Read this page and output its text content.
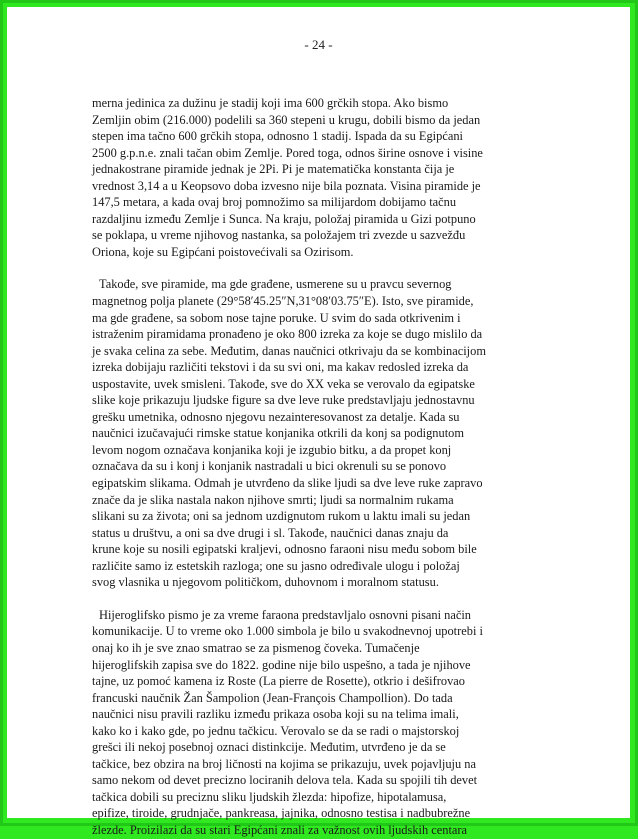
- 24 -
merna jedinica za dužinu je stadij koji ima 600 grčkih stopa. Ako bismo
Zemljin obim (216.000) podelili sa 360 stepeni u krugu, dobili bismo da jedan
stepen ima tačno 600 grčkih stopa, odnosno 1 stadij. Ispada da su Egipćani
2500 g.p.n.e. znali tačan obim Zemlje. Pored toga, odnos širine osnove i visine
jednakostrane piramide jednak je 2Pi. Pi je matematička konstanta čija je
vrednost 3,14 a u Keopsovo doba izvesno nije bila poznata. Visina piramide je
147,5 metara, a kada ovaj broj pomnožimo sa milijardom dobijamo tačnu
razdaljinu između Zemlje i Sunca. Na kraju, položaj piramida u Gizi potpuno
se poklapa, u vreme njihovog nastanka, sa položajem tri zvezde u sazvežđu
Oriona, koje su Egipćani poistovećivali sa Ozirisom.
Takođe, sve piramide, ma gde građene, usmerene su u pravcu severnog
magnetnog polja planete (29°58′45.25″N,31°08′03.75″E). Isto, sve piramide,
ma gde građene, sa sobom nose tajne poruke. U svim do sada otkrivenim i
istraženim piramidama pronađeno je oko 800 izreka za koje se dugo mislilo da
je svaka celina za sebe. Međutim, danas naučnici otkrivaju da se kombinacijom
izreka dobijaju različiti tekstovi i da su svi oni, ma kakav redosled izreka da
uspostavite, uvek smisleni. Takođe, sve do XX veka se verovalo da egipatske
slike koje prikazuju ljudske figure sa dve leve ruke predstavljaju jednostavnu
grešku umetnika, odnosno njegovu nezainteresovanost za detalje. Kada su
naučnici izučavajući rimske statue konjanika otkrili da konj sa podignutom
levom nogom označava konjanika koji je izgubio bitku, a da propet konj
označava da su i konj i konjanik nastradali u bici okrenuli su se ponovo
egipatskim slikama. Odmah je utvrđeno da slike ljudi sa dve leve ruke zapravo
znače da je slika nastala nakon njihove smrti; ljudi sa normalnim rukama
slikani su za života; oni sa jednom uzdignutom rukom u laktu imali su jedan
status u društvu, a oni sa dve drugi i sl. Takođe, naučnici danas znaju da
krune koje su nosili egipatski kraljevi, odnosno faraoni nisu među sobom bile
različite samo iz estetskih razloga; one su jasno određivale ulogu i položaj
svog vlasnika u njegovom političkom, duhovnom i moralnom statusu.
Hijeroglifsko pismo je za vreme faraona predstavljalo osnovni pisani način
komunikacije. U to vreme oko 1.000 simbola je bilo u svakodnevnoj upotrebi i
onaj ko ih je sve znao smatrao se za pismenog čoveka. Tumačenje
hijeroglifskih zapisa sve do 1822. godine nije bilo uspešno, a tada je njihove
tajne, uz pomoć kamena iz Roste (La pierre de Rosette), otkrio i dešifrovao
francuski naučnik Žan Šampolion (Jean-François Champollion). Do tada
naučnici nisu pravili razliku između prikaza osoba koji su na telima imali,
kako ko i kako gde, po jednu tačkicu. Verovalo se da se radi o majstorskoj
grešci ili nekoj posebnoj oznaci distinkcije. Međutim, utvrđeno je da se
tačkice, bez obzira na broj ličnosti na kojima se prikazuju, uvek pojavljuju na
samo nekom od devet precizno lociranih delova tela. Kada su spojili tih devet
tačkica dobili su preciznu sliku ljudskih žlezda: hipofize, hipotalamusa,
epifize, tiroide, grudnjače, pankreasa, jajnika, odnosno testisa i nadbubrežne
žlezde. Proizilazi da su stari Egipćani znali za važnost ovih ljudskih centara
